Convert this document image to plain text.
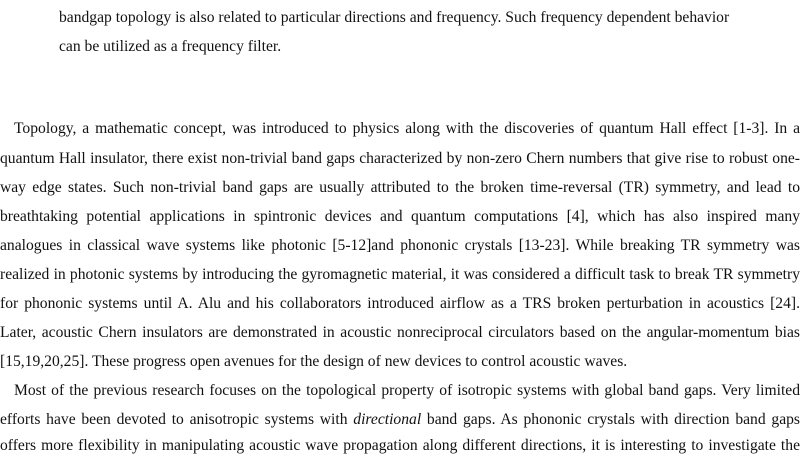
bandgap topology is also related to particular directions and frequency. Such frequency dependent behavior
can be utilized as a frequency filter.
Topology, a mathematic concept, was introduced to physics along with the discoveries of quantum Hall effect [1-3]. In a
quantum Hall insulator, there exist non-trivial band gaps characterized by non-zero Chern numbers that give rise to robust one-
way edge states. Such non-trivial band gaps are usually attributed to the broken time-reversal (TR) symmetry, and lead to
breathtaking potential applications in spintronic devices and quantum computations [4], which has also inspired many
analogues in classical wave systems like photonic [5-12]and phononic crystals [13-23]. While breaking TR symmetry was
realized in photonic systems by introducing the gyromagnetic material, it was considered a difficult task to break TR symmetry
for phononic systems until A. Alu and his collaborators introduced airflow as a TRS broken perturbation in acoustics [24].
Later, acoustic Chern insulators are demonstrated in acoustic nonreciprocal circulators based on the angular-momentum bias
[15,19,20,25]. These progress open avenues for the design of new devices to control acoustic waves.
Most of the previous research focuses on the topological property of isotropic systems with global band gaps. Very limited
efforts have been devoted to anisotropic systems with directional band gaps. As phononic crystals with direction band gaps
offers more flexibility in manipulating acoustic wave propagation along different directions, it is interesting to investigate the
